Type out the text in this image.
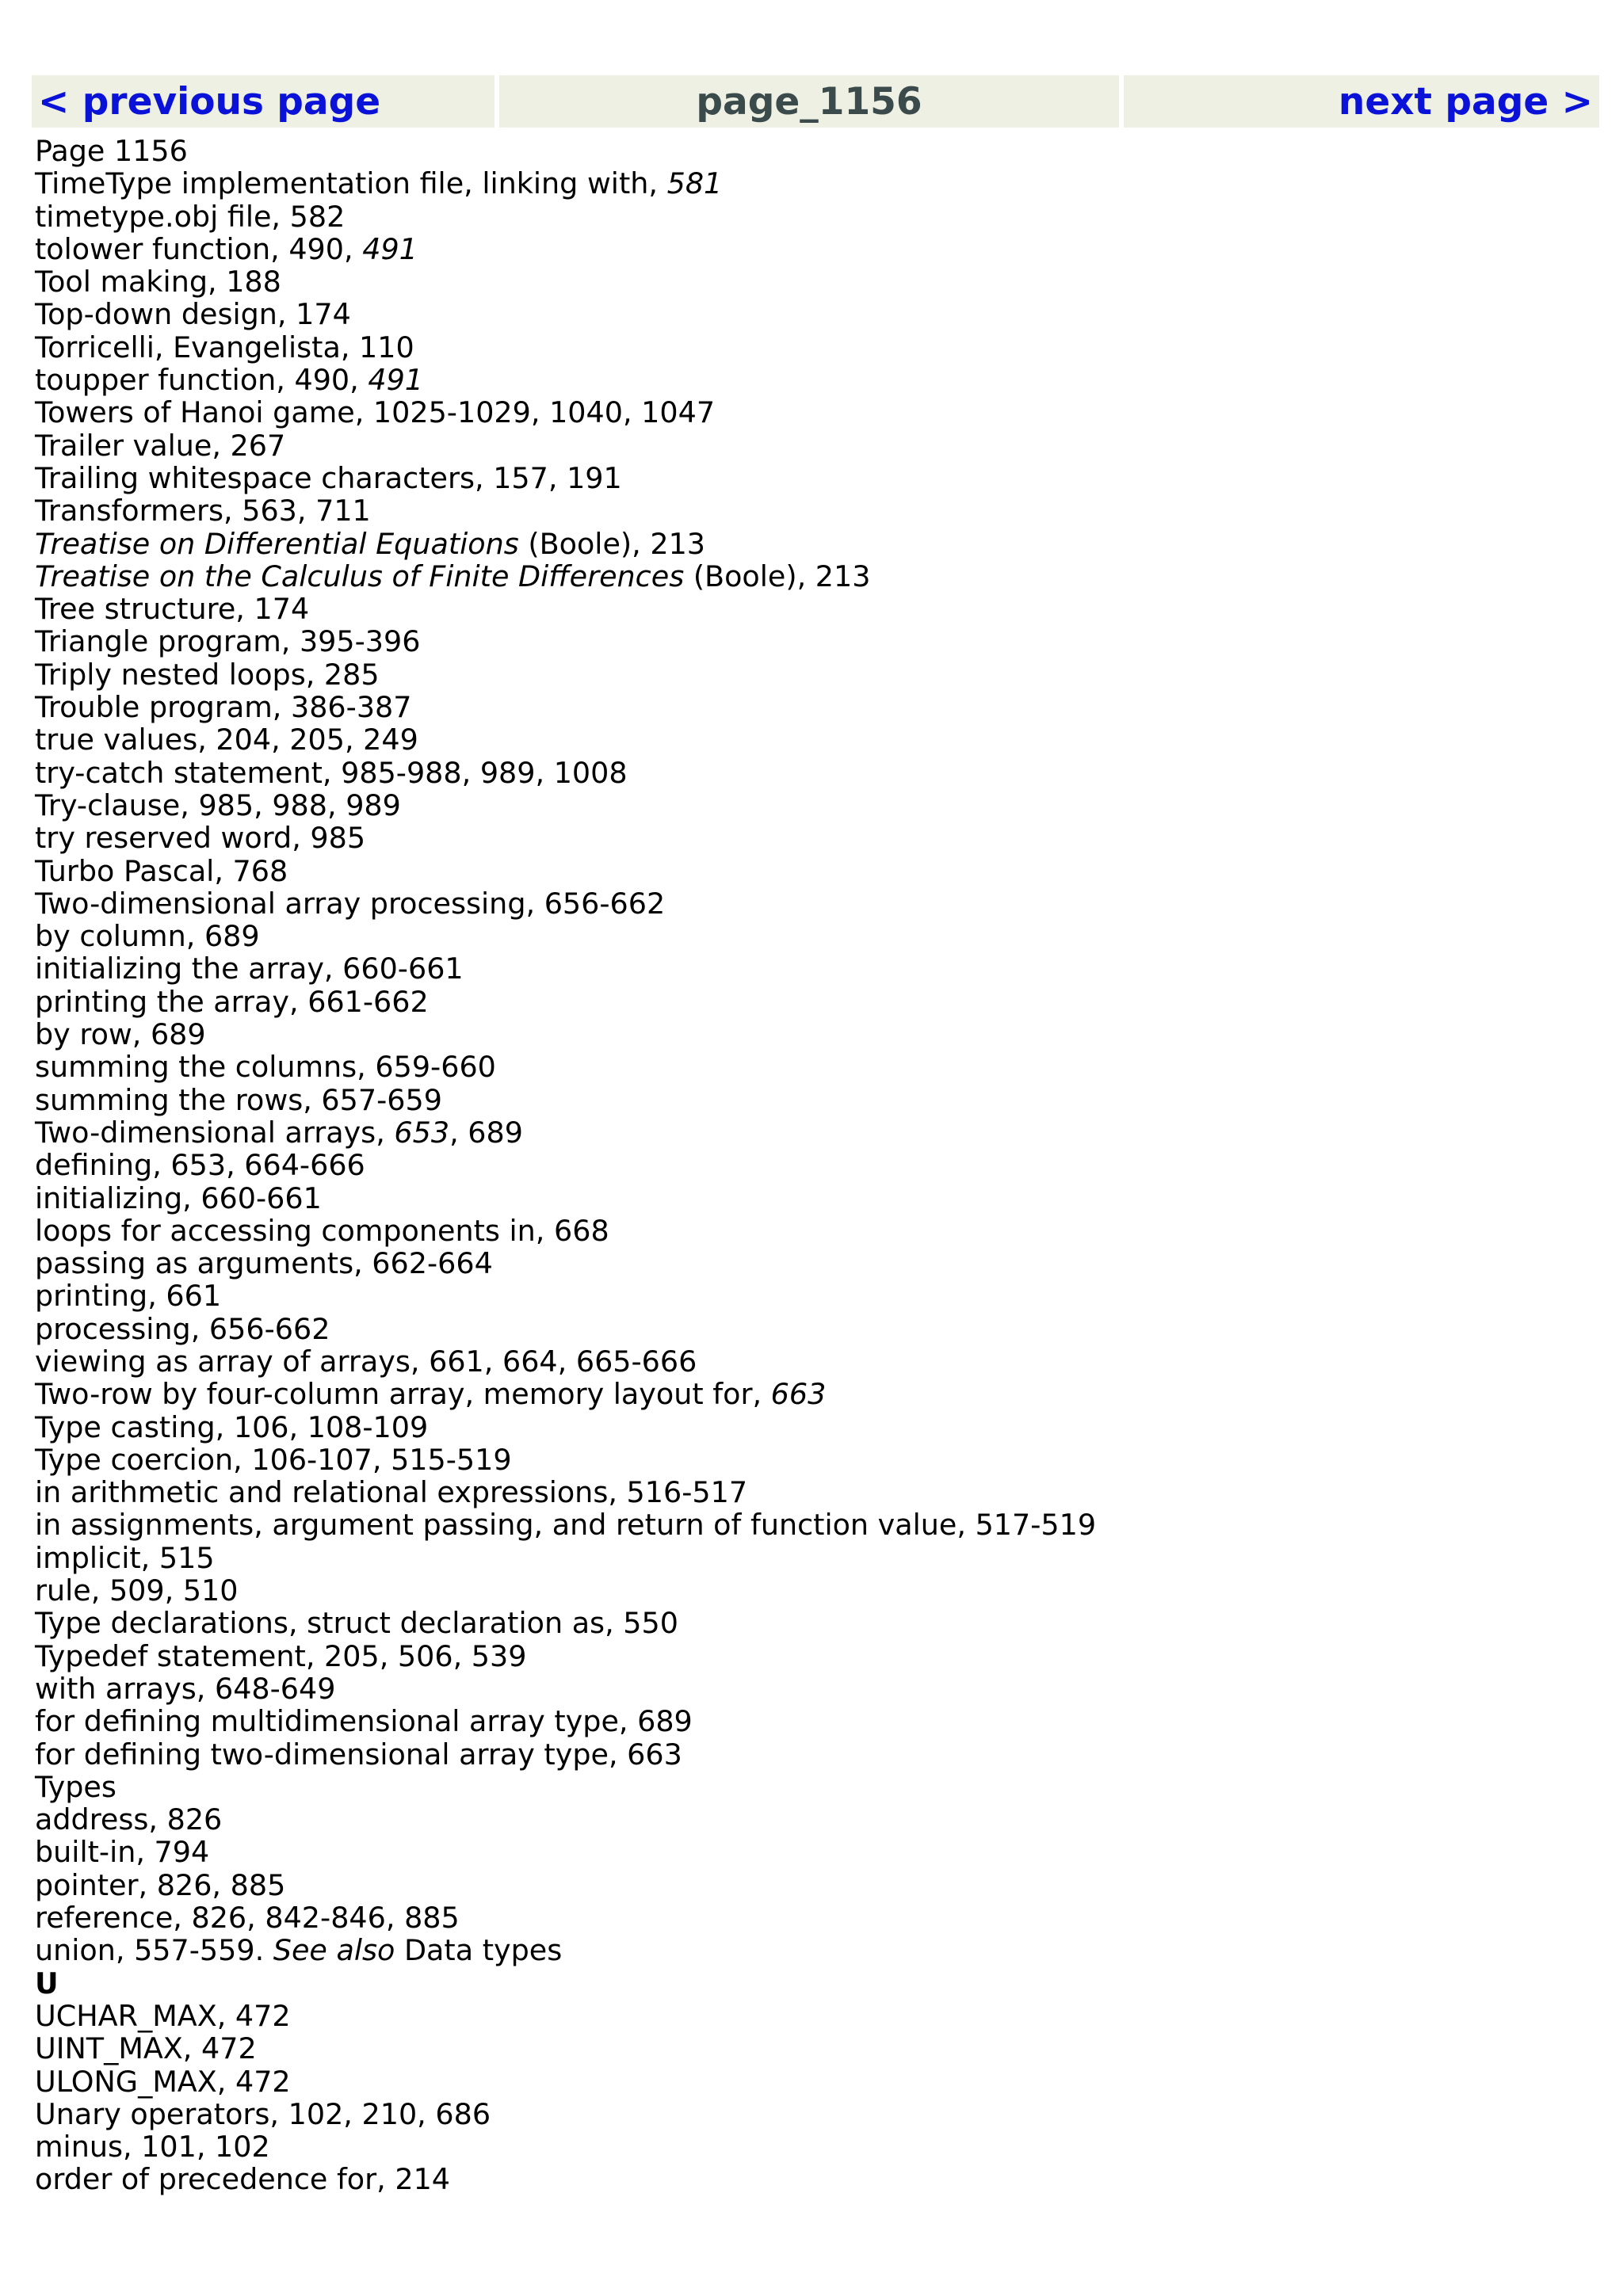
< previous page	page_1156	next page >
Page 1156
TimeType implementation file, linking with, 581
timetype.obj file, 582
tolower function, 490, 491
Tool making, 188
Top-down design, 174
Torricelli, Evangelista, 110
toupper function, 490, 491
Towers of Hanoi game, 1025-1029, 1040, 1047
Trailer value, 267
Trailing whitespace characters, 157, 191
Transformers, 563, 711
Treatise on Differential Equations (Boole), 213
Treatise on the Calculus of Finite Differences (Boole), 213
Tree structure, 174
Triangle program, 395-396
Triply nested loops, 285
Trouble program, 386-387
true values, 204, 205, 249
try-catch statement, 985-988, 989, 1008
Try-clause, 985, 988, 989
try reserved word, 985
Turbo Pascal, 768
Two-dimensional array processing, 656-662
by column, 689
initializing the array, 660-661
printing the array, 661-662
by row, 689
summing the columns, 659-660
summing the rows, 657-659
Two-dimensional arrays, 653, 689
defining, 653, 664-666
initializing, 660-661
loops for accessing components in, 668
passing as arguments, 662-664
printing, 661
processing, 656-662
viewing as array of arrays, 661, 664, 665-666
Two-row by four-column array, memory layout for, 663
Type casting, 106, 108-109
Type coercion, 106-107, 515-519
in arithmetic and relational expressions, 516-517
in assignments, argument passing, and return of function value, 517-519
implicit, 515
rule, 509, 510
Type declarations, struct declaration as, 550
Typedef statement, 205, 506, 539
with arrays, 648-649
for defining multidimensional array type, 689
for defining two-dimensional array type, 663
Types
address, 826
built-in, 794
pointer, 826, 885
reference, 826, 842-846, 885
union, 557-559. See also Data types
U
UCHAR_MAX, 472
UINT_MAX, 472
ULONG_MAX, 472
Unary operators, 102, 210, 686
minus, 101, 102
order of precedence for, 214
